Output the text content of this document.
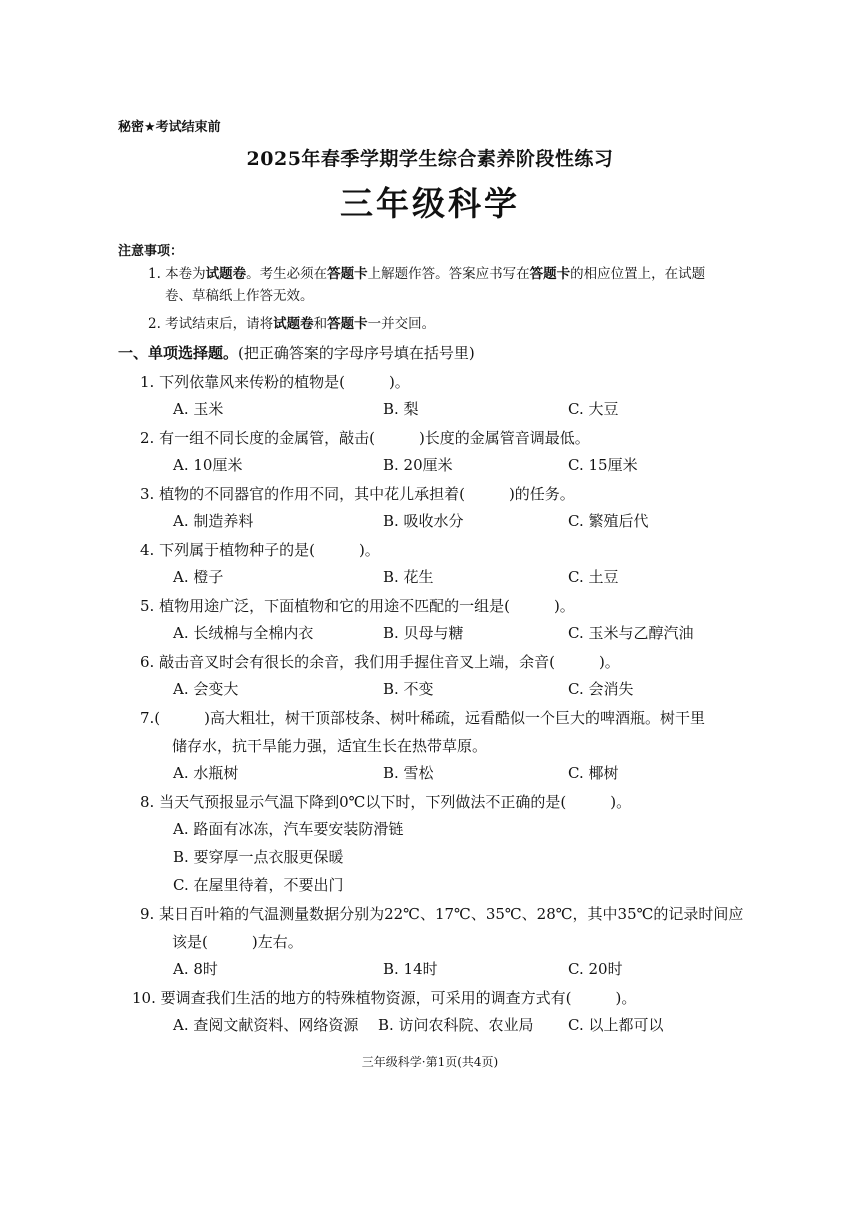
秘密★考试结束前
2025年春季学期学生综合素养阶段性练习
三年级科学
注意事项：
1. 本卷为试题卷。考生必须在答题卡上解题作答。答案应书写在答题卡的相应位置上，在试题
卷、草稿纸上作答无效。
2. 考试结束后，请将试题卷和答题卡一并交回。
一、单项选择题。(把正确答案的字母序号填在括号里)
1. 下列依靠风来传粉的植物是(	)。
A. 玉米	B. 梨	C. 大豆
2. 有一组不同长度的金属管，敲击(	)长度的金属管音调最低。
A. 10厘米	B. 20厘米	C. 15厘米
3. 植物的不同器官的作用不同，其中花儿承担着(	)的任务。
A. 制造养料	B. 吸收水分	C. 繁殖后代
4. 下列属于植物种子的是(	)。
A. 橙子	B. 花生	C. 土豆
5. 植物用途广泛，下面植物和它的用途不匹配的一组是(	)。
A. 长绒棉与全棉内衣	B. 贝母与糖	C. 玉米与乙醇汽油
6. 敲击音叉时会有很长的余音，我们用手握住音叉上端，余音(	)。
A. 会变大	B. 不变	C. 会消失
7.(	)高大粗壮，树干顶部枝条、树叶稀疏，远看酷似一个巨大的啤酒瓶。树干里
储存水，抗干旱能力强，适宜生长在热带草原。
A. 水瓶树	B. 雪松	C. 椰树
8. 当天气预报显示气温下降到0℃以下时，下列做法不正确的是(	)。
A. 路面有冰冻，汽车要安装防滑链
B. 要穿厚一点衣服更保暖
C. 在屋里待着，不要出门
9. 某日百叶箱的气温测量数据分别为22℃、17℃、35℃、28℃，其中35℃的记录时间应
该是(	)左右。
A. 8时	B. 14时	C. 20时
10. 要调查我们生活的地方的特殊植物资源，可采用的调查方式有(	)。
A. 查阅文献资料、网络资源 B. 访问农科院、农业局 C. 以上都可以
三年级科学·第1页(共4页)
